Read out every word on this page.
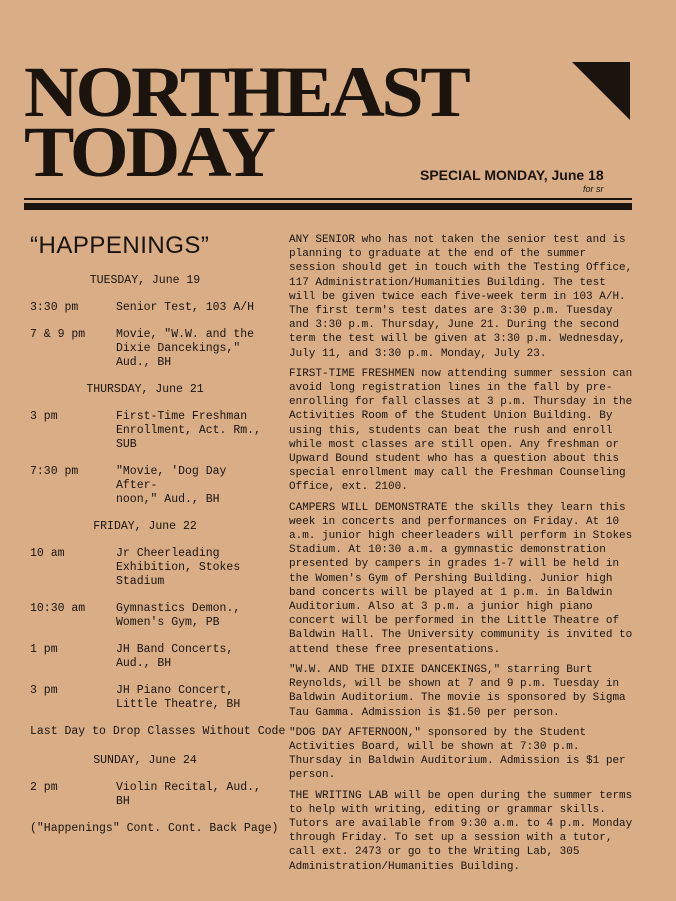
NORTHEAST
TODAY	SPECIAL MONDAY, June 18
for sr
“HAPPENINGS”
TUESDAY, June 19
3:30 pm	Senior Test, 103 A/H
7 & 9 pm	Movie, "W.W. and the
Dixie Dancekings,"
Aud., BH
THURSDAY, June 21
3 pm	First-Time Freshman
Enrollment, Act. Rm.,
SUB
7:30 pm	"Movie, 'Dog Day After-
noon," Aud., BH
FRIDAY, June 22
10 am	Jr Cheerleading
Exhibition, Stokes
Stadium
10:30 am	Gymnastics Demon.,
Women's Gym, PB
1 pm	JH Band Concerts,
Aud., BH
3 pm	JH Piano Concert,
Little Theatre, BH
Last Day to Drop Classes Without Code
SUNDAY, June 24
2 pm	Violin Recital, Aud.,
BH
("Happenings" Cont. Cont. Back Page)

ANY SENIOR who has not taken the senior test and is planning to graduate at the end of the summer session should get in touch with the Testing Office, 117 Administration/Humanities Building. The test will be given twice each five-week term in 103 A/H. The first term's test dates are 3:30 p.m. Tuesday and 3:30 p.m. Thursday, June 21. During the second term the test will be given at 3:30 p.m. Wednesday, July 11, and 3:30 p.m. Monday, July 23.

FIRST-TIME FRESHMEN now attending summer session can avoid long registration lines in the fall by pre-enrolling for fall classes at 3 p.m. Thursday in the Activities Room of the Student Union Building. By using this, students can beat the rush and enroll while most classes are still open. Any freshman or Upward Bound student who has a question about this special enrollment may call the Freshman Counseling Office, ext. 2100.

CAMPERS WILL DEMONSTRATE the skills they learn this week in concerts and performances on Friday. At 10 a.m. junior high cheerleaders will perform in Stokes Stadium. At 10:30 a.m. a gymnastic demonstration presented by campers in grades 1-7 will be held in the Women's Gym of Pershing Building. Junior high band concerts will be played at 1 p.m. in Baldwin Auditorium. Also at 3 p.m. a junior high piano concert will be performed in the Little Theatre of Baldwin Hall. The University community is invited to attend these free presentations.

"W.W. AND THE DIXIE DANCEKINGS," starring Burt Reynolds, will be shown at 7 and 9 p.m. Tuesday in Baldwin Auditorium. The movie is sponsored by Sigma Tau Gamma. Admission is $1.50 per person.

"DOG DAY AFTERNOON," sponsored by the Student Activities Board, will be shown at 7:30 p.m. Thursday in Baldwin Auditorium. Admission is $1 per person.

THE WRITING LAB will be open during the summer terms to help with writing, editing or grammar skills. Tutors are available from 9:30 a.m. to 4 p.m. Monday through Friday. To set up a session with a tutor, call ext. 2473 or go to the Writing Lab, 305 Administration/Humanities Building.
